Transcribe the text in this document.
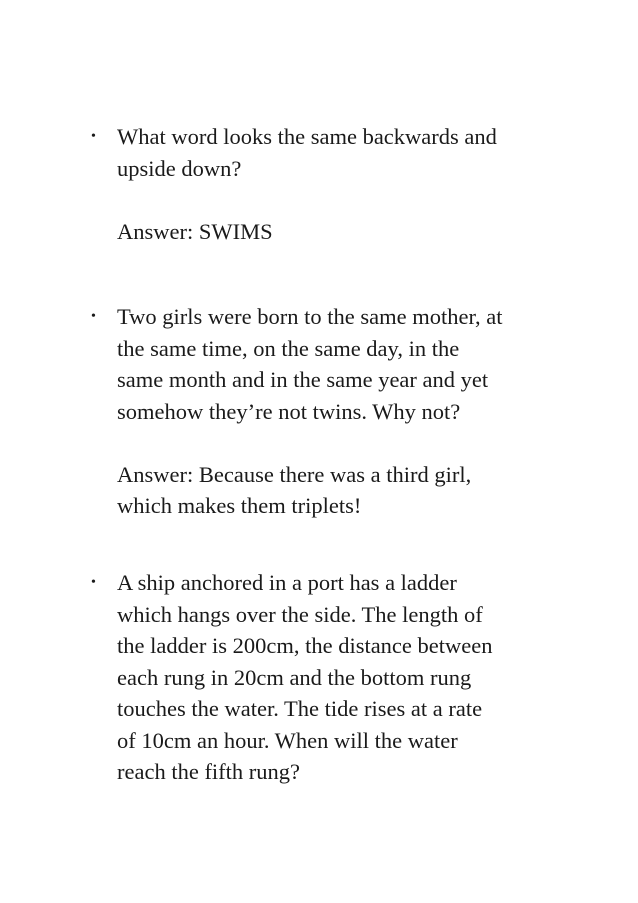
• What word looks the same backwards and
upside down?
Answer: SWIMS
• Two girls were born to the same mother, at
the same time, on the same day, in the
same month and in the same year and yet
somehow they’re not twins. Why not?
Answer: Because there was a third girl,
which makes them triplets!
• A ship anchored in a port has a ladder
which hangs over the side. The length of
the ladder is 200cm, the distance between
each rung in 20cm and the bottom rung
touches the water. The tide rises at a rate
of 10cm an hour. When will the water
reach the fifth rung?
